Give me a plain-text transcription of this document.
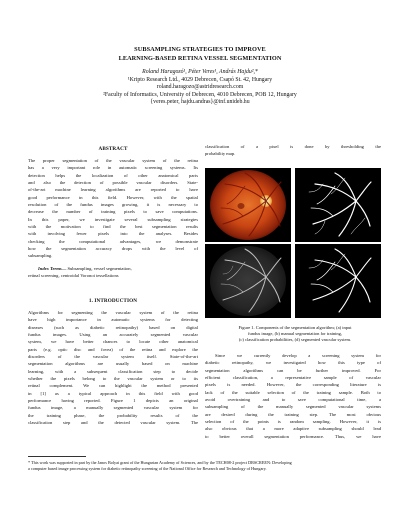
SUBSAMPLING STRATEGIES TO IMPROVE
LEARNING-BASED RETINA VESSEL SEGMENTATION
Roland Haragozó¹, Péter Veres¹, András Hajdu²,*
¹Kripto Research Ltd., 4029 Debrecen, Csapó St. 42, Hungary
roland.haragozo@astridresearch.com
²Faculty of Informatics, University of Debrecen, 4010 Debrecen, POB 12, Hungary
{veres.peter, hajdu.andras}@inf.unideb.hu
ABSTRACT
The proper segmentation of the vascular system of the retina
has a very important role in automatic screening systems. Its
detection helps the localization of other anatomical parts
and also the detection of possible vascular disorders. State-
of-the-art machine learning algorithms are reported to have
good performance in this field. However, with the spatial
resolution of the fundus images growing, it is necessary to
decrease the number of training pixels to save computations.
In this paper, we investigate several subsampling strategies
with the motivation to find the best segmentation results
with involving fewer pixels into the analyses. Besides
checking the computational advantages, we demonstrate
how the segmentation accuracy drops with the level of
subsampling.

Index Terms— Subsampling, vessel segmentation,

retinal screening, centroidal Voronoi tessellations

1. INTRODUCTION
Algorithms for segmenting the vascular system of the retina
have high importance in automatic systems for detecting
diseases (such as diabetic retinopathy) based on digital
fundus images. Using an accurately segmented vascular
system, we have better chances to locate other anatomical
parts (e.g. optic disc and fovea) of the retina and explore the
disorders of the vascular system itself. State-of-the-art
segmentation algorithms are usually based on machine
learning, with a subsequent classification step to decide
whether the pixels belong to the vascular system or to its
retinal complement. We can highlight the method presented
in [1] as a typical approach in this field with good
performance having reported. Figure 1 depicts an original
fundus image, a manually segmented vascular system for
the training phase, the probability results of the
classification step and the detected vascular system. The
classification of a pixel is done by thresholding the
probability map.
Figure 1. Components of the segmentation algorithm; (a) input
fundus image, (b) manual segmentation for training,
(c) classification probabilities, (d) segmented vascular system.
Since we currently develop a screening system for
diabetic retinopathy, we investigated how this type of
segmentation algorithms can be further improved. For
efficient classification, a representative sample of vascular
pixels is needed. However, the corresponding literature is
lack of the suitable selection of the training sample. Both to
avoid overtraining and to save computational time, a
subsampling of the manually segmented vascular systems
are desired during the training step. The most obvious
selection of the points is random sampling. However, it is
also obvious that a more adaptive subsampling should lead
to better overall segmentation performance. Thus, we have
* This work was supported in part by the Janos Bolyai grant of the Hungarian Academy of Sciences, and by the TECH08-2 project DRSCREEN: Developing
a computer based image processing system for diabetic retinopathy screening of the National Office for Research and Technology of Hungary.
